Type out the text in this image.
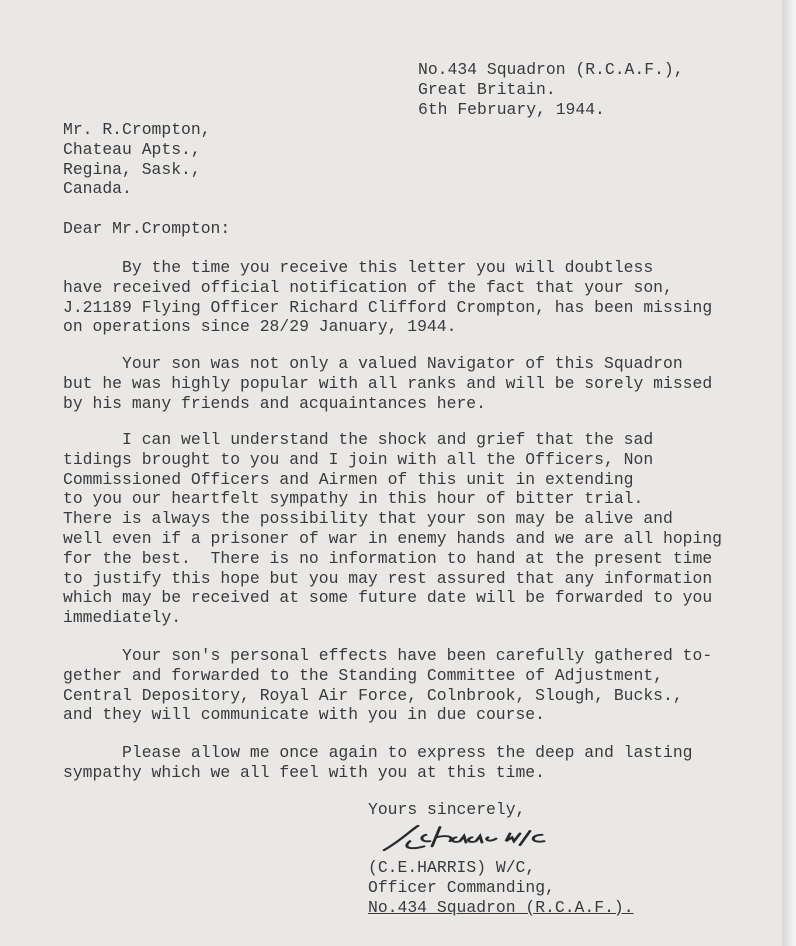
No.434 Squadron (R.C.A.F.),
Great Britain.
6th February, 1944.
Mr. R.Crompton,
Chateau Apts.,
Regina, Sask.,
Canada.
Dear Mr.Crompton:
By the time you receive this letter you will doubtless
have received official notification of the fact that your son,
J.21189 Flying Officer Richard Clifford Crompton, has been missing
on operations since 28/29 January, 1944.
Your son was not only a valued Navigator of this Squadron
but he was highly popular with all ranks and will be sorely missed
by his many friends and acquaintances here.
I can well understand the shock and grief that the sad
tidings brought to you and I join with all the Officers, Non
Commissioned Officers and Airmen of this unit in extending
to you our heartfelt sympathy in this hour of bitter trial.
There is always the possibility that your son may be alive and
well even if a prisoner of war in enemy hands and we are all hoping
for the best.  There is no information to hand at the present time
to justify this hope but you may rest assured that any information
which may be received at some future date will be forwarded to you
immediately.
Your son's personal effects have been carefully gathered to-
gether and forwarded to the Standing Committee of Adjustment,
Central Depository, Royal Air Force, Colnbrook, Slough, Bucks.,
and they will communicate with you in due course.
Please allow me once again to express the deep and lasting
sympathy which we all feel with you at this time.
Yours sincerely,
(C.E.HARRIS) W/C,
Officer Commanding,
No.434 Squadron (R.C.A.F.).
